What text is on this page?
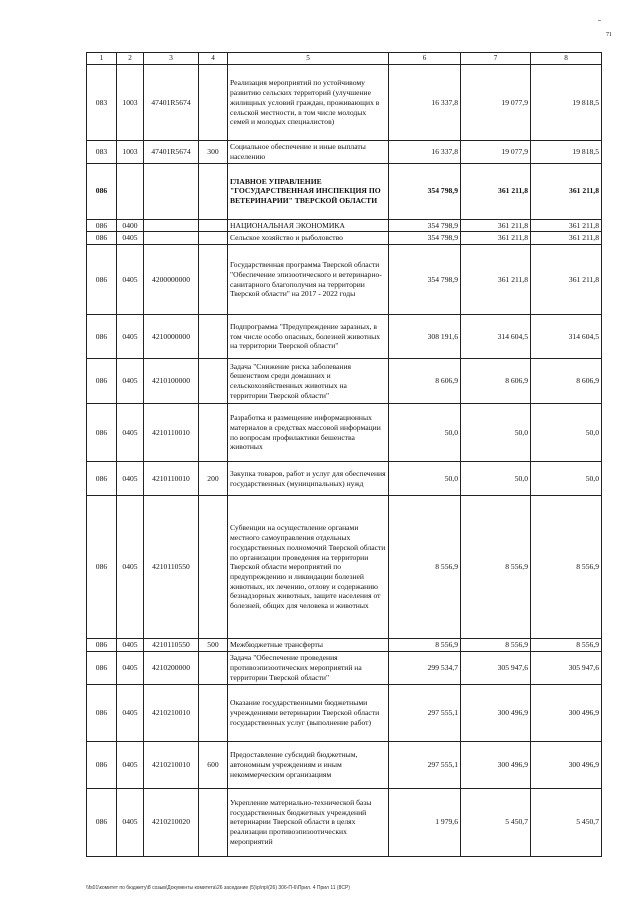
71
1	2	3	4	5	6	7	8
083	1003	47401R5674		Реализация мероприятий по устойчивому развитию сельских территорий (улучшение жилищных условий граждан, проживающих в сельской местности, в том числе молодых семей и молодых специалистов)	16 337,8	19 077,9	19 818,5
083	1003	47401R5674	300	Социальное обеспечение и иные выплаты населению	16 337,8	19 077,9	19 818,5
086				ГЛАВНОЕ УПРАВЛЕНИЕ "ГОСУДАРСТВЕННАЯ ИНСПЕКЦИЯ ПО ВЕТЕРИНАРИИ" ТВЕРСКОЙ ОБЛАСТИ	354 798,9	361 211,8	361 211,8
086	0400			НАЦИОНАЛЬНАЯ ЭКОНОМИКА	354 798,9	361 211,8	361 211,8
086	0405			Сельское хозяйство и рыболовство	354 798,9	361 211,8	361 211,8
086	0405	4200000000		Государственная программа Тверской области "Обеспечение эпизоотического и ветеринарно-санитарного благополучия на территории Тверской области" на 2017 - 2022 годы	354 798,9	361 211,8	361 211,8
086	0405	4210000000		Подпрограмма "Предупреждение заразных, в том числе особо опасных, болезней животных на территории Тверской области"	308 191,6	314 604,5	314 604,5
086	0405	4210100000		Задача "Снижение риска заболевания бешенством среди домашних и сельскохозяйственных животных на территории Тверской области"	8 606,9	8 606,9	8 606,9
086	0405	4210110010		Разработка и размещение информационных материалов в средствах массовой информации по вопросам профилактики бешенства животных	50,0	50,0	50,0
086	0405	4210110010	200	Закупка товаров, работ и услуг для обеспечения государственных (муниципальных) нужд	50,0	50,0	50,0
086	0405	4210110550		Субвенции на осуществление органами местного самоуправления отдельных государственных полномочий Тверской области по организации проведения на территории Тверской области мероприятий по предупреждению и ликвидации болезней животных, их лечению, отлову и содержанию безнадзорных животных, защите населения от болезней, общих для человека и животных	8 556,9	8 556,9	8 556,9
086	0405	4210110550	500	Межбюджетные трансферты	8 556,9	8 556,9	8 556,9
086	0405	4210200000		Задача "Обеспечение проведения противоэпизоотических мероприятий на территории Тверской области"	299 534,7	305 947,6	305 947,6
086	0405	4210210010		Оказание государственными бюджетными учреждениями ветеринарии Тверской области государственных услуг (выполнение работ)	297 555,1	300 496,9	300 496,9
086	0405	4210210010	600	Предоставление субсидий бюджетным, автономным учреждениям и иным некоммерческим организациям	297 555,1	300 496,9	300 496,9
086	0405	4210210020		Укрепление материально-технической базы государственных бюджетных учреждений ветеринарии Тверской области в целях реализации противоэпизоотических мероприятий	1 979,6	5 450,7	5 450,7
\\fs01\комитет по бюджету\8 созыв\Документы комитета\26 заседание (5)\р\пр\(26) 306-П-6\Прил. 4 Прил 11 (8СР)
